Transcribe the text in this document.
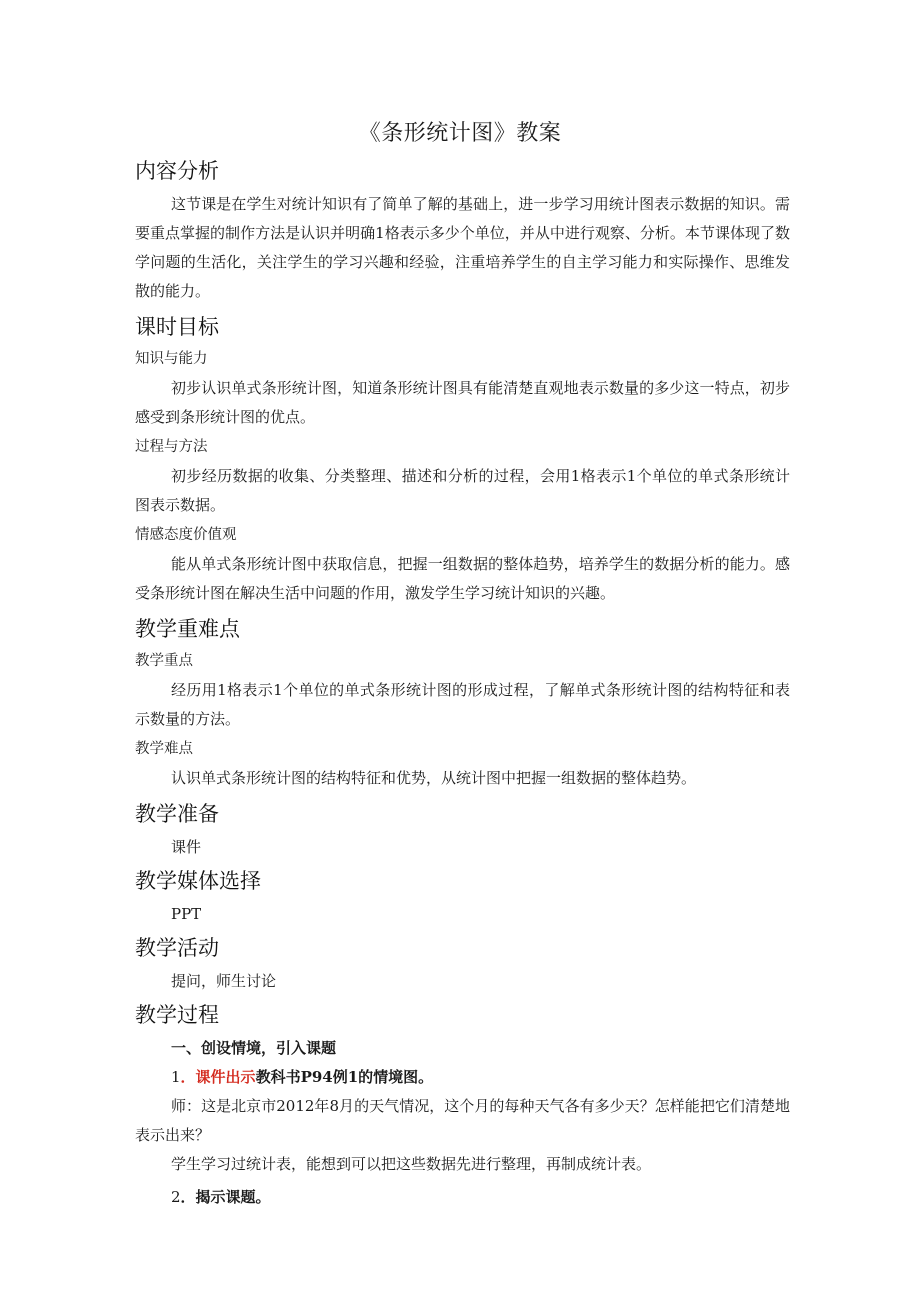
《条形统计图》教案
内容分析

这节课是在学生对统计知识有了简单了解的基础上，进一步学习用统计图表示数据的知识。需要重点掌握的制作方法是认识并明确1格表示多少个单位，并从中进行观察、分析。本节课体现了数学问题的生活化，关注学生的学习兴趣和经验，注重培养学生的自主学习能力和实际操作、思维发散的能力。

课时目标
知识与能力

初步认识单式条形统计图，知道条形统计图具有能清楚直观地表示数量的多少这一特点，初步感受到条形统计图的优点。

过程与方法

初步经历数据的收集、分类整理、描述和分析的过程，会用1格表示1个单位的单式条形统计图表示数据。

情感态度价值观

能从单式条形统计图中获取信息，把握一组数据的整体趋势，培养学生的数据分析的能力。感受条形统计图在解决生活中问题的作用，激发学生学习统计知识的兴趣。

教学重难点
教学重点

经历用1格表示1个单位的单式条形统计图的形成过程，了解单式条形统计图的结构特征和表示数量的方法。

教学难点

认识单式条形统计图的结构特征和优势，从统计图中把握一组数据的整体趋势。

教学准备
课件
教学媒体选择
PPT
教学活动
提问，师生讨论
教学过程
一、创设情境，引入课题
1．课件出示教科书P94例1的情境图。

师：这是北京市2012年8月的天气情况，这个月的每种天气各有多少天？怎样能把它们清楚地表示出来？

学生学习过统计表，能想到可以把这些数据先进行整理，再制成统计表。

2．揭示课题。
